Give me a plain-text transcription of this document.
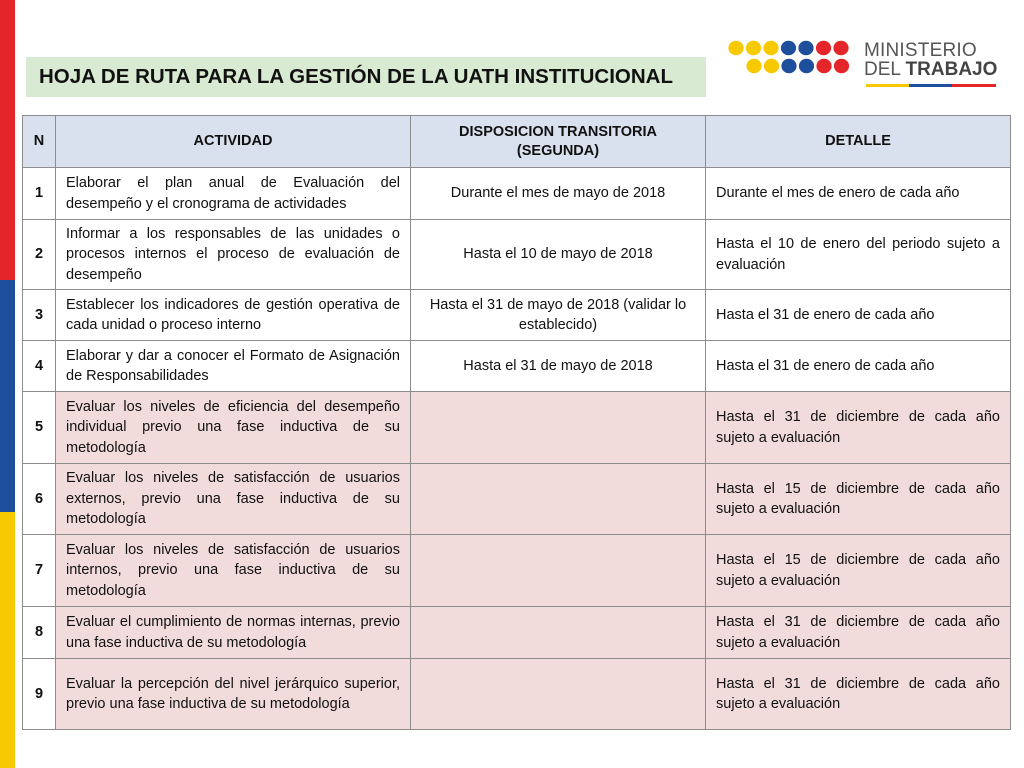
HOJA DE RUTA PARA LA GESTIÓN DE LA UATH INSTITUCIONAL
MINISTERIO
DEL TRABAJO
N	ACTIVIDAD	DISPOSICION TRANSITORIA (SEGUNDA)	DETALLE
1	Elaborar el plan anual de Evaluación del desempeño y el cronograma de actividades	Durante el mes de mayo de 2018	Durante el mes de enero de cada año
2	Informar a los responsables de las unidades o procesos internos el proceso de evaluación de desempeño	Hasta el 10 de mayo de 2018	Hasta el 10 de enero del periodo sujeto a evaluación
3	Establecer los indicadores de gestión operativa de cada unidad o proceso interno	Hasta el 31 de mayo de 2018 (validar lo establecido)	Hasta el 31 de enero de cada año
4	Elaborar y dar a conocer el Formato de Asignación de Responsabilidades	Hasta el 31 de mayo de 2018	Hasta el 31 de enero de cada año
5	Evaluar los niveles de eficiencia del desempeño individual previo una fase inductiva de su metodología		Hasta el 31 de diciembre de cada año sujeto a evaluación
6	Evaluar los niveles de satisfacción de usuarios externos, previo una fase inductiva de su metodología		Hasta el 15 de diciembre de cada año sujeto a evaluación
7	Evaluar los niveles de satisfacción de usuarios internos, previo una fase inductiva de su metodología		Hasta el 15 de diciembre de cada año sujeto a evaluación
8	Evaluar el cumplimiento de normas internas, previo una fase inductiva de su metodología		Hasta el 31 de diciembre de cada año sujeto a evaluación
9	Evaluar la percepción del nivel jerárquico superior, previo una fase inductiva de su metodología		Hasta el 31 de diciembre de cada año sujeto a evaluación
